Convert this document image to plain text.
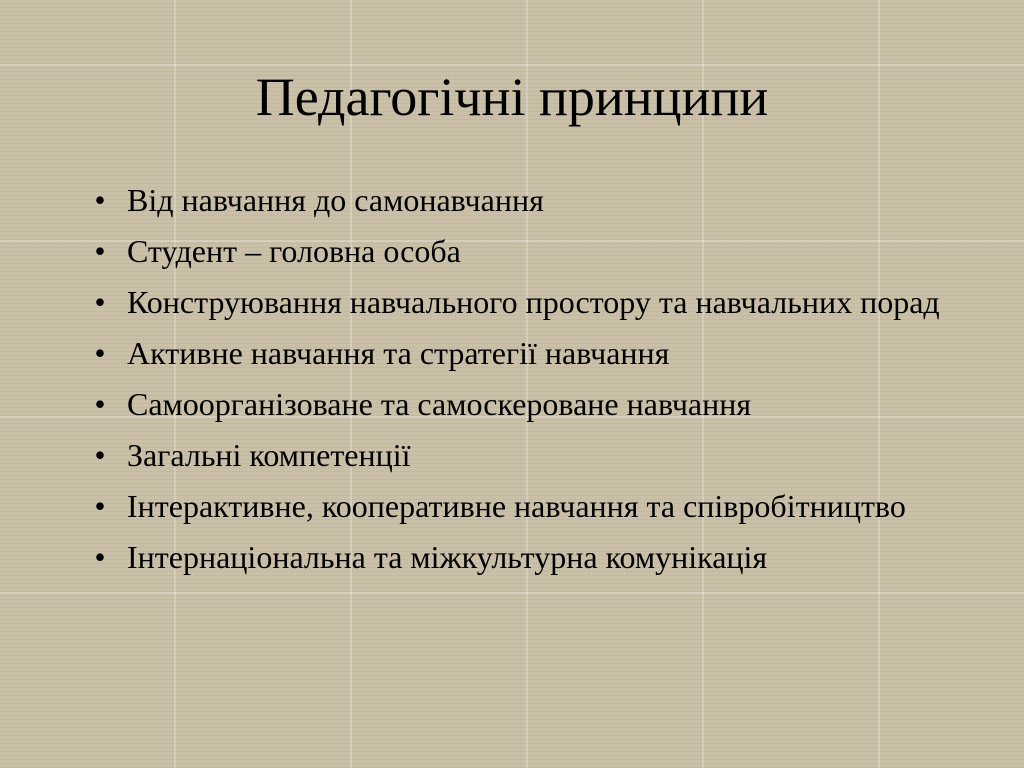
Педагогічні принципи
• Від навчання до самонавчання
• Студент – головна особа
• Конструювання навчального простору та навчальних порад
• Активне навчання та стратегії навчання
• Самоорганізоване та самоскероване навчання
• Загальні компетенції
• Інтерактивне, кооперативне навчання та співробітництво
• Інтернаціональна та міжкультурна комунікація
